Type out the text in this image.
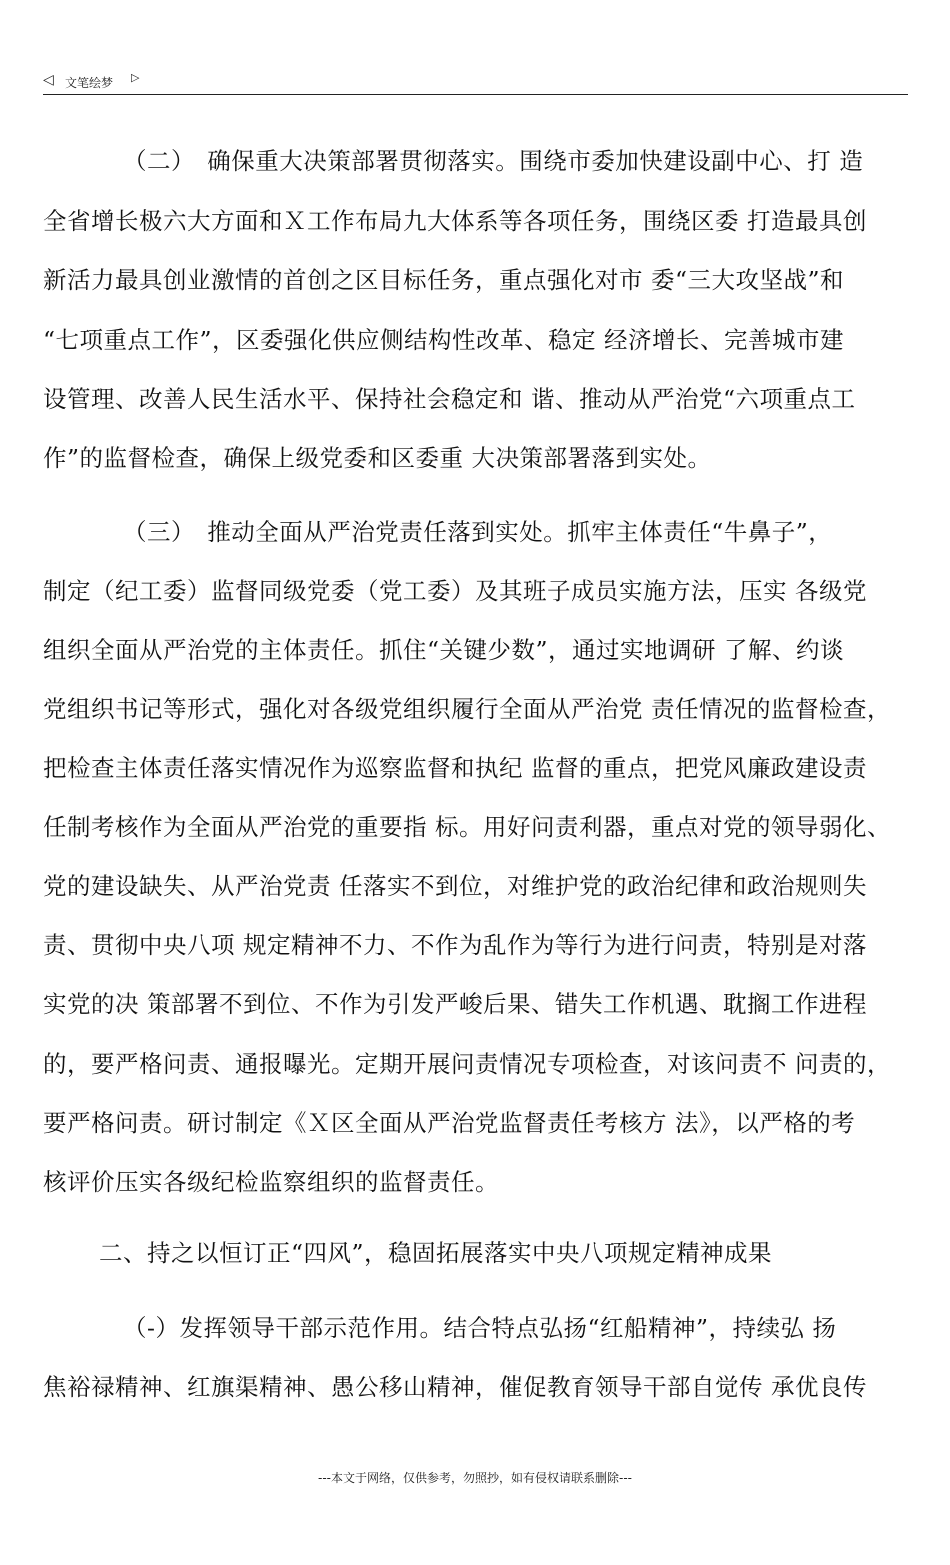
◁ 文笔绘梦 ▷
（二）　确保重大决策部署贯彻落实。围绕市委加快建设副中心、打 造
全省增长极六大方面和Ｘ工作布局九大体系等各项任务，围绕区委 打造最具创
新活力最具创业激情的首创之区目标任务，重点强化对市 委“三大攻坚战”和
“七项重点工作”，区委强化供应侧结构性改革、稳定 经济增长、完善城市建
设管理、改善人民生活水平、保持社会稳定和 谐、推动从严治党“六项重点工
作”的监督检查，确保上级党委和区委重 大决策部署落到实处。
（三）　推动全面从严治党责任落到实处。抓牢主体责任“牛鼻子”，
制定（纪工委）监督同级党委（党工委）及其班子成员实施方法，压实 各级党
组织全面从严治党的主体责任。抓住“关键少数”，通过实地调研 了解、约谈
党组织书记等形式，强化对各级党组织履行全面从严治党 责任情况的监督检查，
把检查主体责任落实情况作为巡察监督和执纪 监督的重点，把党风廉政建设责
任制考核作为全面从严治党的重要指 标。用好问责利器，重点对党的领导弱化、
党的建设缺失、从严治党责 任落实不到位，对维护党的政治纪律和政治规则失
责、贯彻中央八项 规定精神不力、不作为乱作为等行为进行问责，特别是对落
实党的决 策部署不到位、不作为引发严峻后果、错失工作机遇、耽搁工作进程
的，要严格问责、通报曝光。定期开展问责情况专项检查，对该问责不 问责的，
要严格问责。研讨制定《Ｘ区全面从严治党监督责任考核方 法》，以严格的考
核评价压实各级纪检监察组织的监督责任。
二、持之以恒订正“四风”，稳固拓展落实中央八项规定精神成果
（-）发挥领导干部示范作用。结合特点弘扬“红船精神”，持续弘 扬
焦裕禄精神、红旗渠精神、愚公移山精神，催促教育领导干部自觉传 承优良传
---本文于网络，仅供参考，勿照抄，如有侵权请联系删除---
